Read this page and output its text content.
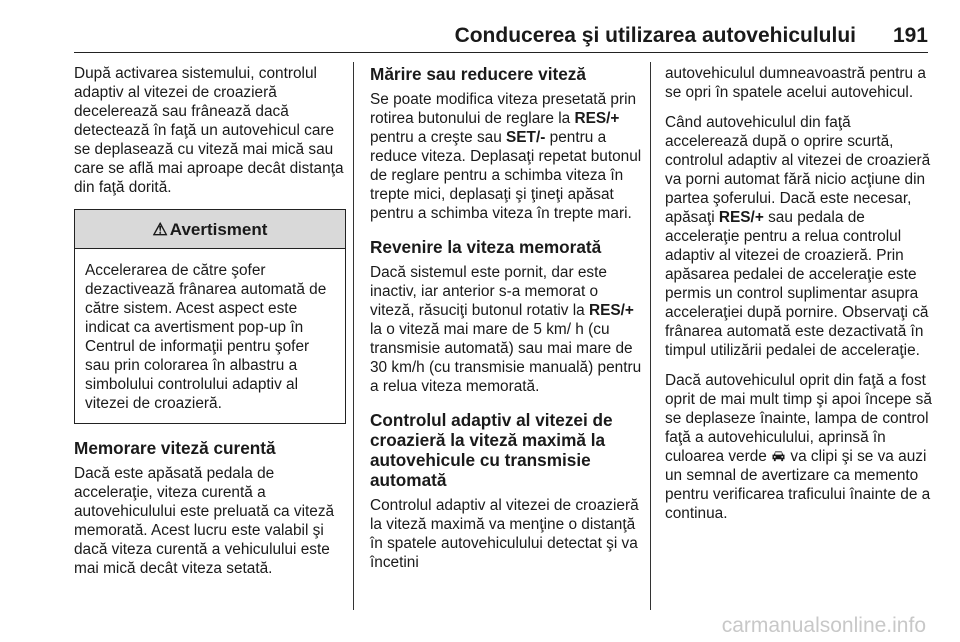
Conducerea şi utilizarea autovehiculului 191

După activarea sistemului, controlul adaptiv al vitezei de croazieră decelerează sau frânează dacă detectează în faţă un autovehicul care se deplasează cu viteză mai mică sau care se află mai aproape decât distanţa din faţă dorită.

⚠ Avertisment

Accelerarea de către şofer dezactivează frânarea automată de către sistem. Acest aspect este indicat ca avertisment pop-up în Centrul de informaţii pentru şofer sau prin colorarea în albastru a simbolului controlului adaptiv al vitezei de croazieră.

Memorare viteză curentă

Dacă este apăsată pedala de acceleraţie, viteza curentă a autovehiculului este preluată ca viteză memorată. Acest lucru este valabil şi dacă viteza curentă a vehiculului este mai mică decât viteza setată.

Mărire sau reducere viteză

Se poate modifica viteza presetată prin rotirea butonului de reglare la RES/+ pentru a creşte sau SET/- pentru a reduce viteza. Deplasaţi repetat butonul de reglare pentru a schimba viteza în trepte mici, deplasaţi şi ţineţi apăsat pentru a schimba viteza în trepte mari.

Revenire la viteza memorată

Dacă sistemul este pornit, dar este inactiv, iar anterior s-a memorat o viteză, răsuciţi butonul rotativ la RES/+ la o viteză mai mare de 5 km/ h (cu transmisie automată) sau mai mare de 30 km/h (cu transmisie manuală) pentru a relua viteza memorată.

Controlul adaptiv al vitezei de croazieră la viteză maximă la autovehicule cu transmisie automată

Controlul adaptiv al vitezei de croazieră la viteză maximă va menţine o distanţă în spatele autovehiculului detectat şi va încetini

autovehiculul dumneavoastră pentru a se opri în spatele acelui autovehicul.

Când autovehiculul din faţă accelerează după o oprire scurtă, controlul adaptiv al vitezei de croazieră va porni automat fără nicio acţiune din partea şoferului. Dacă este necesar, apăsaţi RES/+ sau pedala de acceleraţie pentru a relua controlul adaptiv al vitezei de croazieră. Prin apăsarea pedalei de acceleraţie este permis un control suplimentar asupra acceleraţiei după pornire. Observaţi că frânarea automată este dezactivată în timpul utilizării pedalei de acceleraţie.

Dacă autovehiculul oprit din faţă a fost oprit de mai mult timp şi apoi începe să se deplaseze înainte, lampa de control faţă a autovehiculului, aprinsă în culoarea verde  va clipi şi se va auzi un semnal de avertizare ca memento pentru verificarea traficului înainte de a continua.

carmanualsonline.info
